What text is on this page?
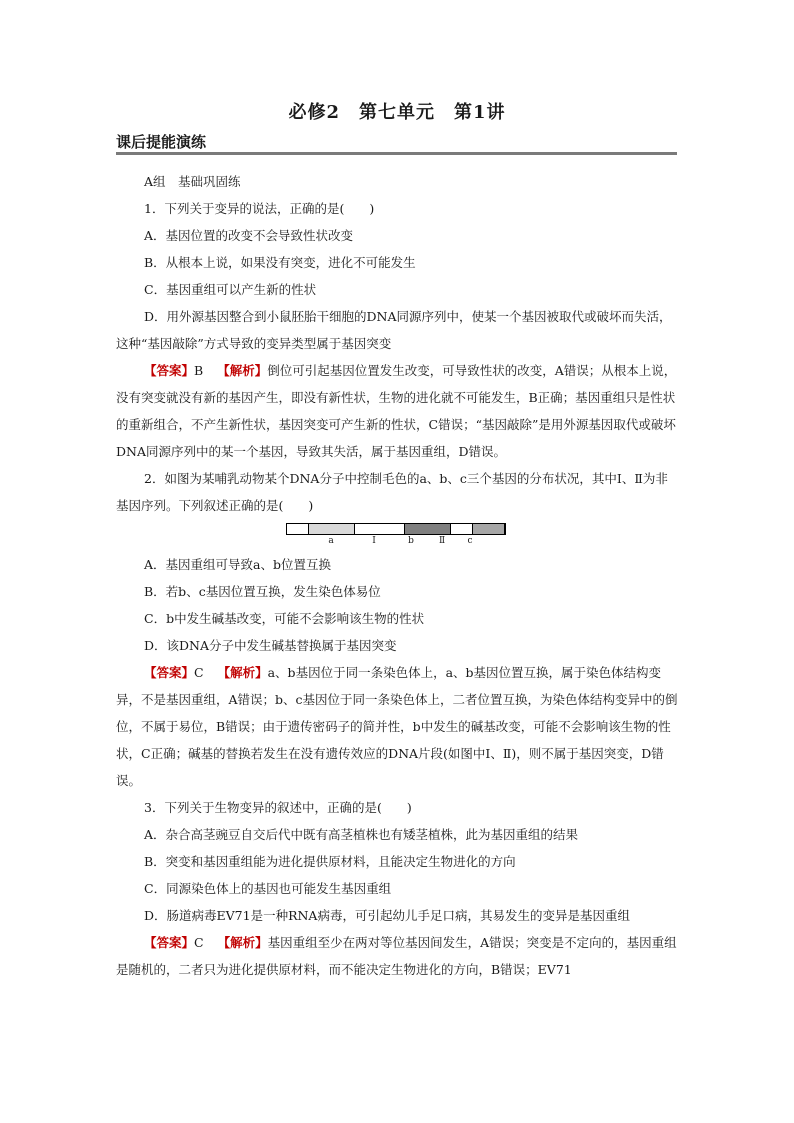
必修2　第七单元　第1讲
课后提能演练

A组　基础巩固练

1．下列关于变异的说法，正确的是(　　)

A．基因位置的改变不会导致性状改变

B．从根本上说，如果没有突变，进化不可能发生

C．基因重组可以产生新的性状

D．用外源基因整合到小鼠胚胎干细胞的DNA同源序列中，使某一个基因被取代或破坏而失活，这种“基因敲除”方式导致的变异类型属于基因突变

【答案】B 【解析】倒位可引起基因位置发生改变，可导致性状的改变，A错误；从根本上说，没有突变就没有新的基因产生，即没有新性状，生物的进化就不可能发生，B正确；基因重组只是性状的重新组合，不产生新性状，基因突变可产生新的性状，C错误；“基因敲除”是用外源基因取代或破坏DNA同源序列中的某一个基因，导致其失活，属于基因重组，D错误。

2．如图为某哺乳动物某个DNA分子中控制毛色的a、b、c三个基因的分布状况，其中Ⅰ、Ⅱ为非基因序列。下列叙述正确的是(　　)

a	Ⅰ	b	Ⅱ	c

A．基因重组可导致a、b位置互换

B．若b、c基因位置互换，发生染色体易位

C．b中发生碱基改变，可能不会影响该生物的性状

D．该DNA分子中发生碱基替换属于基因突变

【答案】C 【解析】a、b基因位于同一条染色体上，a、b基因位置互换，属于染色体结构变异，不是基因重组，A错误；b、c基因位于同一条染色体上，二者位置互换，为染色体结构变异中的倒位，不属于易位，B错误；由于遗传密码子的简并性，b中发生的碱基改变，可能不会影响该生物的性状，C正确；碱基的替换若发生在没有遗传效应的DNA片段(如图中Ⅰ、Ⅱ)，则不属于基因突变，D错误。

3．下列关于生物变异的叙述中，正确的是(　　)

A．杂合高茎豌豆自交后代中既有高茎植株也有矮茎植株，此为基因重组的结果

B．突变和基因重组能为进化提供原材料，且能决定生物进化的方向

C．同源染色体上的基因也可能发生基因重组

D．肠道病毒EV71是一种RNA病毒，可引起幼儿手足口病，其易发生的变异是基因重组

【答案】C 【解析】基因重组至少在两对等位基因间发生，A错误；突变是不定向的，基因重组是随机的，二者只为进化提供原材料，而不能决定生物进化的方向，B错误；EV71
